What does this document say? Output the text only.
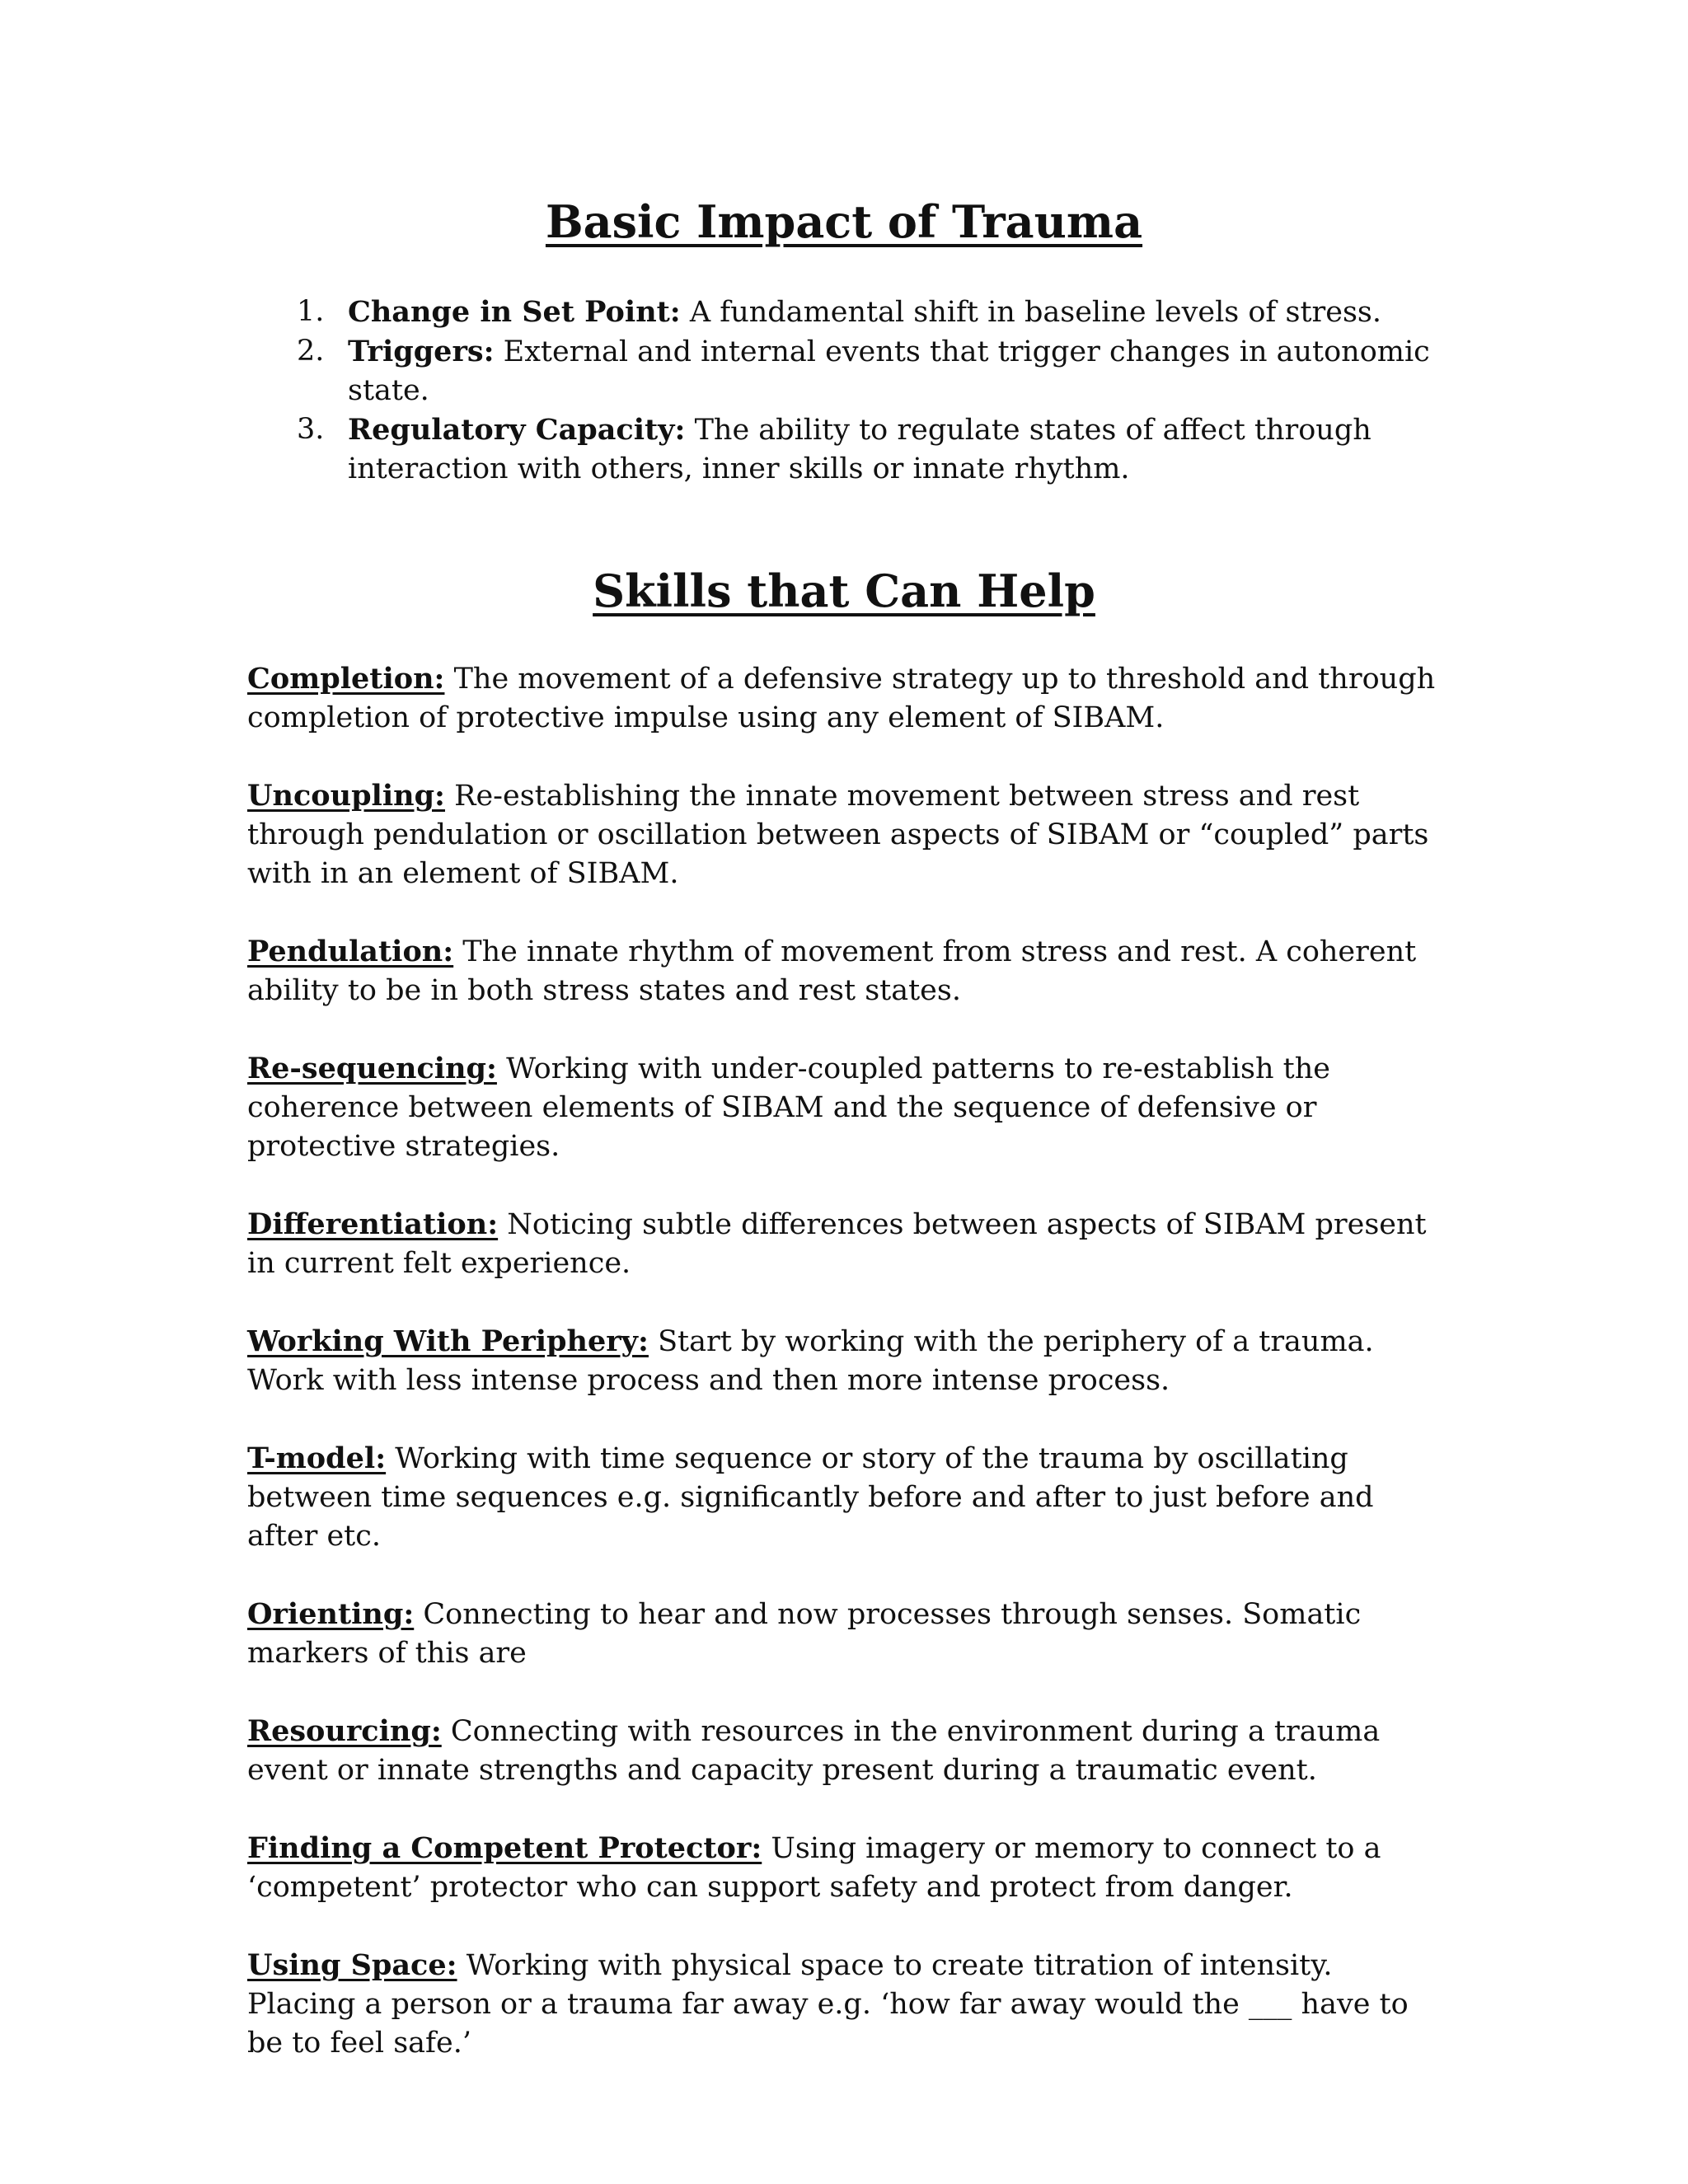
Basic Impact of Trauma
1. Change in Set Point: A fundamental shift in baseline levels of stress.
2. Triggers: External and internal events that trigger changes in autonomic state.
3. Regulatory Capacity: The ability to regulate states of affect through interaction with others, inner skills or innate rhythm.
Skills that Can Help

Completion: The movement of a defensive strategy up to threshold and through completion of protective impulse using any element of SIBAM.

Uncoupling: Re-establishing the innate movement between stress and rest through pendulation or oscillation between aspects of SIBAM or “coupled” parts with in an element of SIBAM.

Pendulation: The innate rhythm of movement from stress and rest. A coherent ability to be in both stress states and rest states.

Re-sequencing: Working with under-coupled patterns to re-establish the coherence between elements of SIBAM and the sequence of defensive or protective strategies.

Differentiation: Noticing subtle differences between aspects of SIBAM present in current felt experience.

Working With Periphery: Start by working with the periphery of a trauma. Work with less intense process and then more intense process.

T-model: Working with time sequence or story of the trauma by oscillating between time sequences e.g. significantly before and after to just before and after etc.

Orienting: Connecting to hear and now processes through senses. Somatic markers of this are

Resourcing: Connecting with resources in the environment during a trauma event or innate strengths and capacity present during a traumatic event.

Finding a Competent Protector: Using imagery or memory to connect to a ‘competent’ protector who can support safety and protect from danger.

Using Space: Working with physical space to create titration of intensity. Placing a person or a trauma far away e.g. ‘how far away would the ___ have to be to feel safe.’
